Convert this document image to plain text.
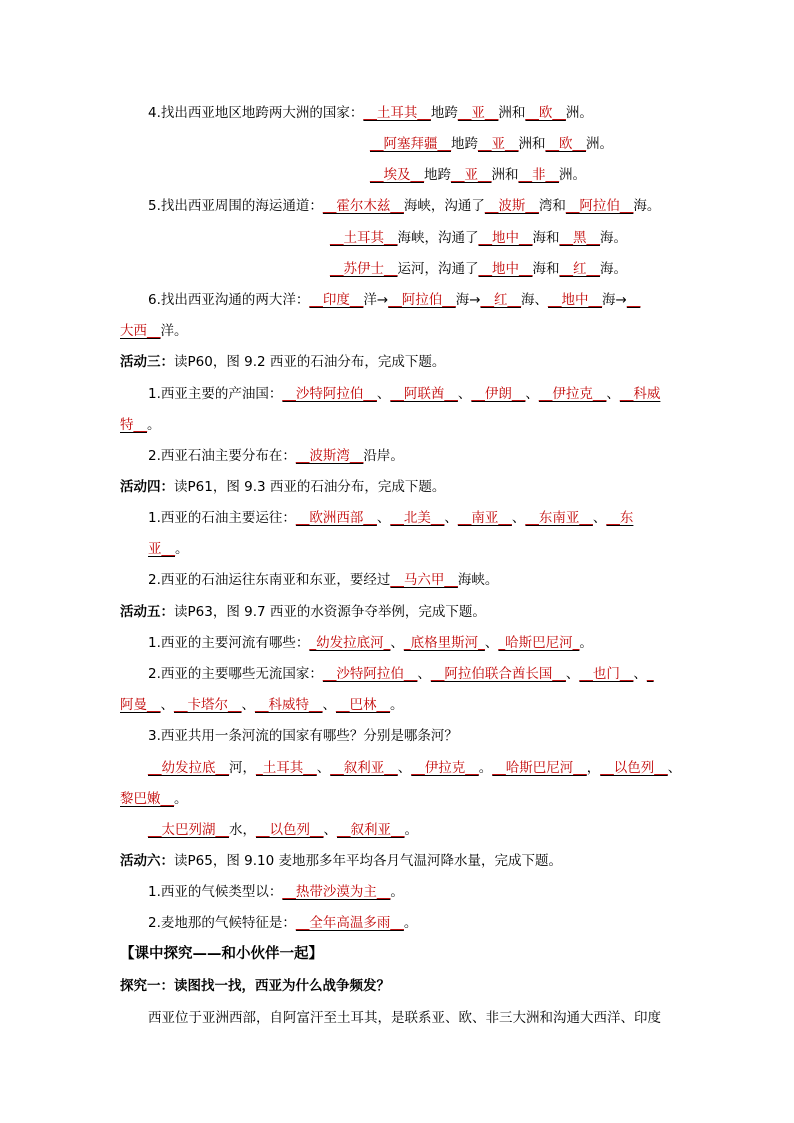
4.找出西亚地区地跨两大洲的国家：__土耳其__地跨__亚__洲和__欧__洲。
__阿塞拜疆__地跨__亚__洲和__欧__洲。
__埃及__地跨__亚__洲和__非__洲。
5.找出西亚周围的海运通道：__霍尔木兹__海峡，沟通了__波斯__湾和__阿拉伯__海。
__土耳其__海峡，沟通了__地中__海和__黑__海。
__苏伊士__运河，沟通了__地中__海和__红__海。
6.找出西亚沟通的两大洋：__印度__洋→__阿拉伯__海→__红__海、__地中__海→__
大西__洋。
活动三：读P60，图 9.2 西亚的石油分布，完成下题。
1.西亚主要的产油国：__沙特阿拉伯__、__阿联酋__、__伊朗__、__伊拉克__、__科威
特__。
2.西亚石油主要分布在：__波斯湾__沿岸。
活动四：读P61，图 9.3 西亚的石油分布，完成下题。
1.西亚的石油主要运往：__欧洲西部__、__北美__、__南亚__、__东南亚__、__东
亚__。
2.西亚的石油运往东南亚和东亚，要经过__马六甲__海峡。
活动五：读P63，图 9.7 西亚的水资源争夺举例，完成下题。
1.西亚的主要河流有哪些：_幼发拉底河_、_底格里斯河_、_哈斯巴尼河_。
2.西亚的主要哪些无流国家：__沙特阿拉伯__、__阿拉伯联合酋长国__、__也门__、_
阿曼__、__卡塔尔__、__科威特__、__巴林__。
3.西亚共用一条河流的国家有哪些？分别是哪条河？
__幼发拉底__河，_土耳其__、__叙利亚__、__伊拉克__。__哈斯巴尼河__，__以色列__、
黎巴嫩__。
__太巴列湖__水，__以色列__、__叙利亚__。
活动六：读P65，图 9.10 麦地那多年平均各月气温河降水量，完成下题。
1.西亚的气候类型以：__热带沙漠为主__。
2.麦地那的气候特征是：__全年高温多雨__。
【课中探究——和小伙伴一起】
探究一：读图找一找，西亚为什么战争频发？
西亚位于亚洲西部，自阿富汗至土耳其，是联系亚、欧、非三大洲和沟通大西洋、印度
